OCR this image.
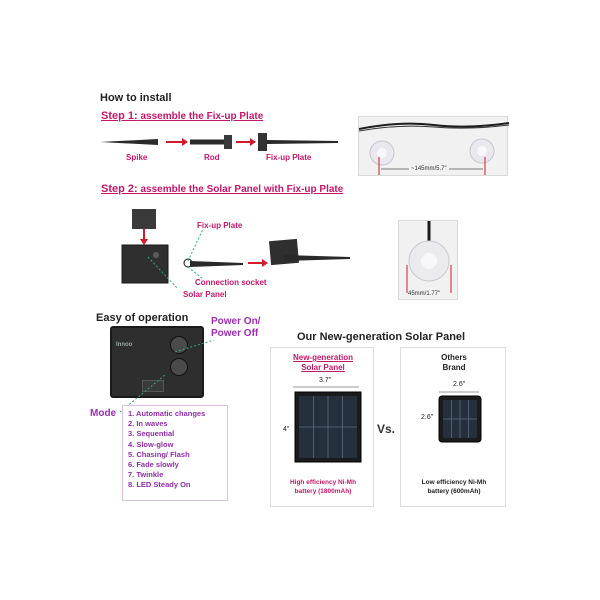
How to install
Step 1: assemble the Fix-up Plate
Spike	Rod	Fix-up Plate
~145mm/5.7"
Step 2: assemble the Solar Panel with Fix-up Plate
Fix-up Plate
Connection socket
Solar Panel	45mm/1.77"
Easy of operation
Innoo
Power On/
Power Off
Mode 1. Automatic changes
2. In waves
3. Sequential
4. Slow-glow
5. Chasing/ Flash
6. Fade slowly
7. Twinkle
8. LED Steady On
Our New-generation Solar Panel
New-generation
Solar Panel
3.7"
4"
High efficiency Ni-Mh
battery (1800mAh)
Vs.
Others
Brand
2.6"
2.6"
Low efficiency Ni-Mh
battery (600mAh)
